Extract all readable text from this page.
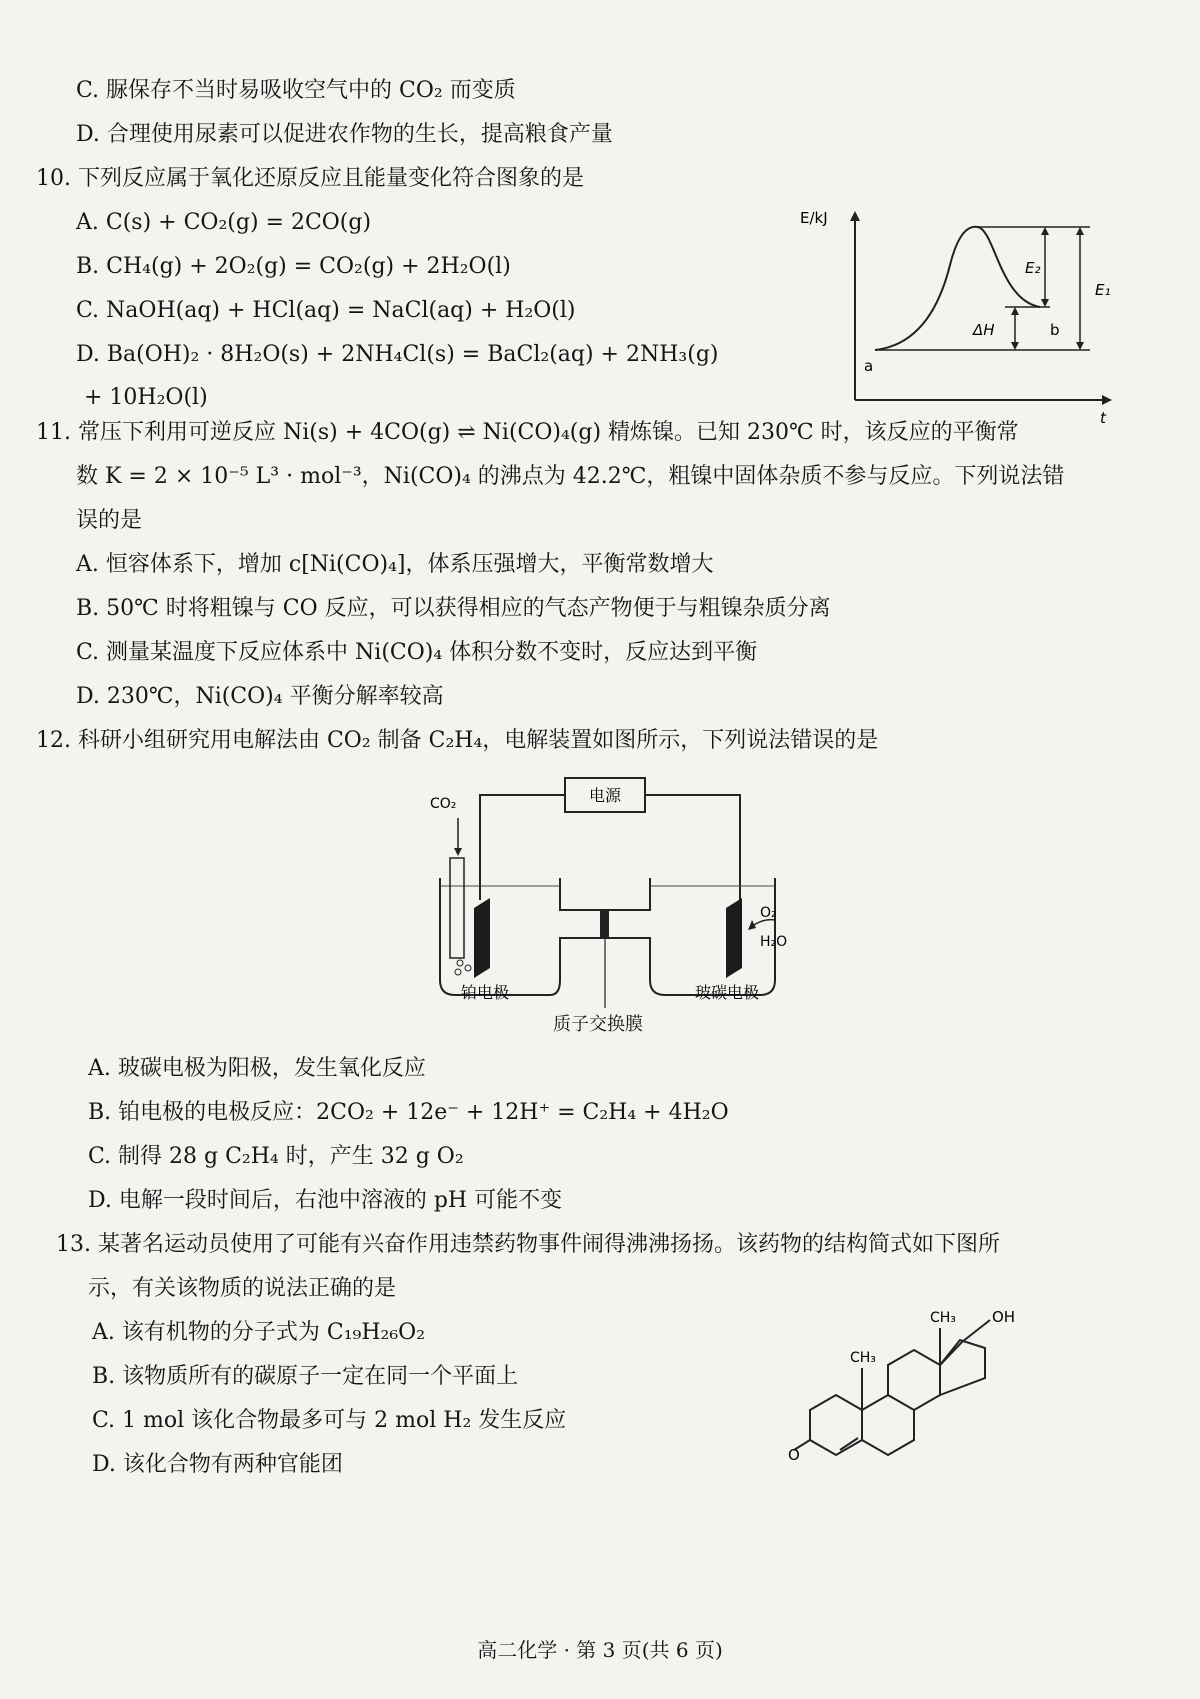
C. 脲保存不当时易吸收空气中的 CO₂ 而变质
D. 合理使用尿素可以促进农作物的生长，提高粮食产量
10. 下列反应属于氧化还原反应且能量变化符合图象的是
A. C(s) + CO₂(g) = 2CO(g)
B. CH₄(g) + 2O₂(g) = CO₂(g) + 2H₂O(l)
C. NaOH(aq) + HCl(aq) = NaCl(aq) + H₂O(l)
D. Ba(OH)₂ · 8H₂O(s) + 2NH₄Cl(s) = BaCl₂(aq) + 2NH₃(g)
+ 10H₂O(l)
E/kJ
t
E₂
E₁
ΔH	b
a
11. 常压下利用可逆反应 Ni(s) + 4CO(g) ⇌ Ni(CO)₄(g) 精炼镍。已知 230℃ 时，该反应的平衡常
数 K = 2 × 10⁻⁵ L³ · mol⁻³，Ni(CO)₄ 的沸点为 42.2℃，粗镍中固体杂质不参与反应。下列说法错
误的是
A. 恒容体系下，增加 c[Ni(CO)₄]，体系压强增大，平衡常数增大
B. 50℃ 时将粗镍与 CO 反应，可以获得相应的气态产物便于与粗镍杂质分离
C. 测量某温度下反应体系中 Ni(CO)₄ 体积分数不变时，反应达到平衡
D. 230℃，Ni(CO)₄ 平衡分解率较高
12. 科研小组研究用电解法由 CO₂ 制备 C₂H₄，电解装置如图所示，下列说法错误的是
电源
CO₂
铂电极	玻碳电极
O₂
H₂O
质子交换膜
A. 玻碳电极为阳极，发生氧化反应
B. 铂电极的电极反应：2CO₂ + 12e⁻ + 12H⁺ = C₂H₄ + 4H₂O
C. 制得 28 g C₂H₄ 时，产生 32 g O₂
D. 电解一段时间后，右池中溶液的 pH 可能不变
13. 某著名运动员使用了可能有兴奋作用违禁药物事件闹得沸沸扬扬。该药物的结构简式如下图所
示，有关该物质的说法正确的是
A. 该有机物的分子式为 C₁₉H₂₆O₂
B. 该物质所有的碳原子一定在同一个平面上
C. 1 mol 该化合物最多可与 2 mol H₂ 发生反应
D. 该化合物有两种官能团
CH₃
CH₃ OH
O
高二化学 · 第 3 页(共 6 页)
